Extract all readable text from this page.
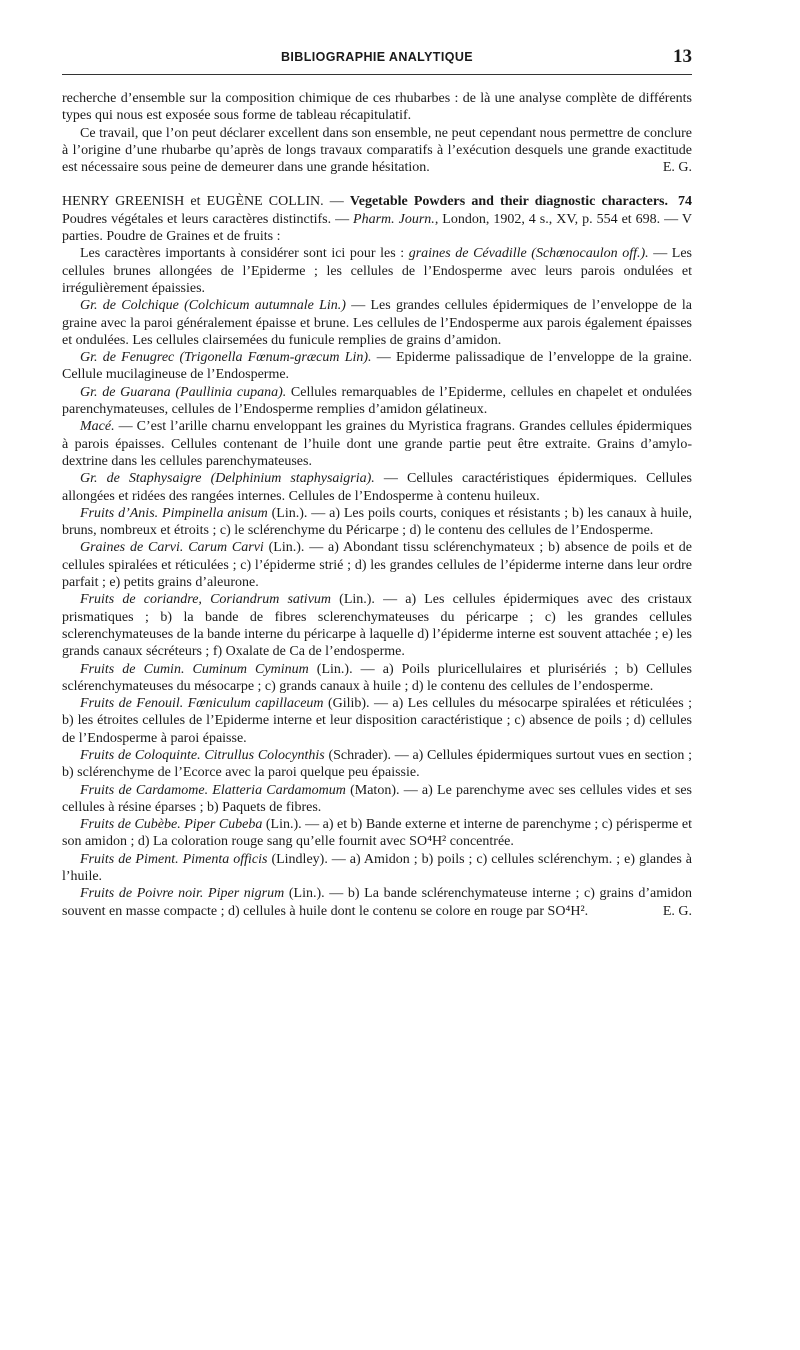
BIBLIOGRAPHIE ANALYTIQUE	13

recherche d’ensemble sur la composition chimique de ces rhubarbes : de là une analyse complète de différents types qui nous est exposée sous forme de tableau récapitulatif.

Ce travail, que l’on peut déclarer excellent dans son ensemble, ne peut cependant nous permettre de conclure à l’origine d’une rhubarbe qu’après de longs travaux comparatifs à l’exécution desquels une grande exactitude est nécessaire sous peine de demeurer dans une grande hésitation.	E. G.

74
HENRY GREENISH et EUGÈNE COLLIN. — Vegetable Powders and their diagnostic characters. Poudres végétales et leurs caractères distinctifs. — Pharm. Journ., London, 1902, 4 s., XV, p. 554 et 698. — V parties. Poudre de Graines et de fruits :

Les caractères importants à considérer sont ici pour les : graines de Cévadille (Schœnocaulon off.). — Les cellules brunes allongées de l’Epiderme ; les cellules de l’Endosperme avec leurs parois ondulées et irrégulièrement épaissies.

Gr. de Colchique (Colchicum autumnale Lin.) — Les grandes cellules épidermiques de l’enveloppe de la graine avec la paroi généralement épaisse et brune. Les cellules de l’Endosperme aux parois également épaisses et ondulées. Les cellules clairsemées du funicule remplies de grains d’amidon.

Gr. de Fenugrec (Trigonella Fœnum-græcum Lin). — Epiderme palissadique de l’enveloppe de la graine. Cellule mucilagineuse de l’Endosperme.

Gr. de Guarana (Paullinia cupana). Cellules remarquables de l’Epiderme, cellules en chapelet et ondulées parenchymateuses, cellules de l’Endosperme remplies d’amidon gélatineux.

Macé. — C’est l’arille charnu enveloppant les graines du Myristica fragrans. Grandes cellules épidermiques à parois épaisses. Cellules contenant de l’huile dont une grande partie peut être extraite. Grains d’amylo-dextrine dans les cellules parenchymateuses.

Gr. de Staphysaigre (Delphinium staphysaigria). — Cellules caractéristiques épidermiques. Cellules allongées et ridées des rangées internes. Cellules de l’Endosperme à contenu huileux.

Fruits d’Anis. Pimpinella anisum (Lin.). — a) Les poils courts, coniques et résistants ; b) les canaux à huile, bruns, nombreux et étroits ; c) le sclérenchyme du Péricarpe ; d) le contenu des cellules de l’Endosperme.

Graines de Carvi. Carum Carvi (Lin.). — a) Abondant tissu sclérenchymateux ; b) absence de poils et de cellules spiralées et réticulées ; c) l’épiderme strié ; d) les grandes cellules de l’épiderme interne dans leur ordre parfait ; e) petits grains d’aleurone.

Fruits de coriandre, Coriandrum sativum (Lin.). — a) Les cellules épidermiques avec des cristaux prismatiques ; b) la bande de fibres sclerenchymateuses du péricarpe ; c) les grandes cellules sclerenchymateuses de la bande interne du péricarpe à laquelle d) l’épiderme interne est souvent attachée ; e) les grands canaux sécréteurs ; f) Oxalate de Ca de l’endosperme.

Fruits de Cumin. Cuminum Cyminum (Lin.). — a) Poils pluricellulaires et plurisériés ; b) Cellules sclérenchymateuses du mésocarpe ; c) grands canaux à huile ; d) le contenu des cellules de l’endosperme.

Fruits de Fenouil. Fœniculum capillaceum (Gilib). — a) Les cellules du mésocarpe spiralées et réticulées ; b) les étroites cellules de l’Epiderme interne et leur disposition caractéristique ; c) absence de poils ; d) cellules de l’Endosperme à paroi épaisse.

Fruits de Coloquinte. Citrullus Colocynthis (Schrader). — a) Cellules épidermiques surtout vues en section ; b) sclérenchyme de l’Ecorce avec la paroi quelque peu épaissie.

Fruits de Cardamome. Elatteria Cardamomum (Maton). — a) Le parenchyme avec ses cellules vides et ses cellules à résine éparses ; b) Paquets de fibres.

Fruits de Cubèbe. Piper Cubeba (Lin.). — a) et b) Bande externe et interne de parenchyme ; c) périsperme et son amidon ; d) La coloration rouge sang qu’elle fournit avec SO⁴H² concentrée.

Fruits de Piment. Pimenta officis (Lindley). — a) Amidon ; b) poils ; c) cellules sclérenchym. ; e) glandes à l’huile.

Fruits de Poivre noir. Piper nigrum (Lin.). — b) La bande sclérenchymateuse interne ; c) grains d’amidon souvent en masse compacte ; d) cellules à huile dont le contenu se colore en rouge par SO⁴H².	E. G.
